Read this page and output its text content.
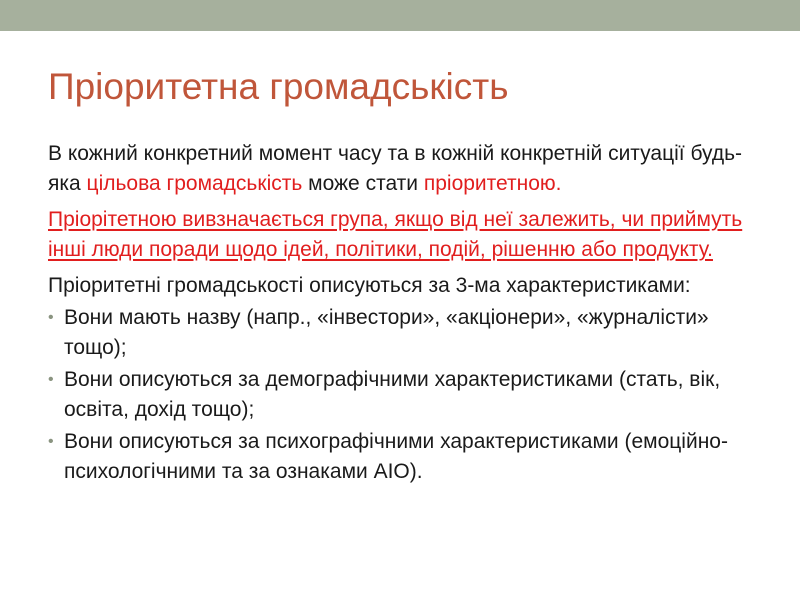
Пріоритетна громадськість

В кожний конкретний момент часу та в кожній конкретній ситуації будь-яка цільова громадськість може стати пріоритетною.

Пріорітетною вивзначається група, якщо від неї залежить, чи приймуть інші люди поради щодо ідей, політики, подій, рішенню або продукту.

Пріоритетні громадськості описуються за 3-ма характеристиками:

• Вони мають назву (напр., «інвестори», «акціонери», «журналісти» тощо);
• Вони описуються за демографічними характеристиками (стать, вік, освіта, дохід тощо);
• Вони описуються за психографічними характеристиками (емоційно-психологічними та за ознаками АІО).
